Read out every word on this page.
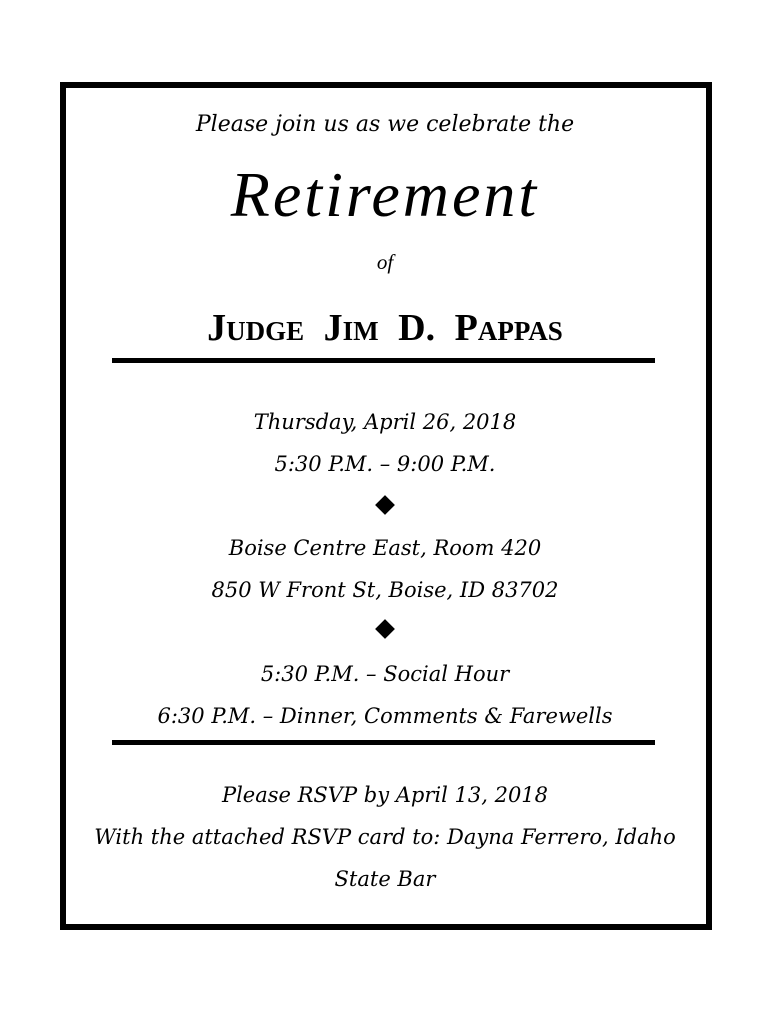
Please join us as we celebrate the
Retirement
of
Judge Jim D. Pappas
Thursday, April 26, 2018
5:30 P.M. – 9:00 P.M.
Boise Centre East, Room 420
850 W Front St, Boise, ID 83702
5:30 P.M. – Social Hour
6:30 P.M. – Dinner, Comments & Farewells
Please RSVP by April 13, 2018
With the attached RSVP card to: Dayna Ferrero, Idaho
State Bar
